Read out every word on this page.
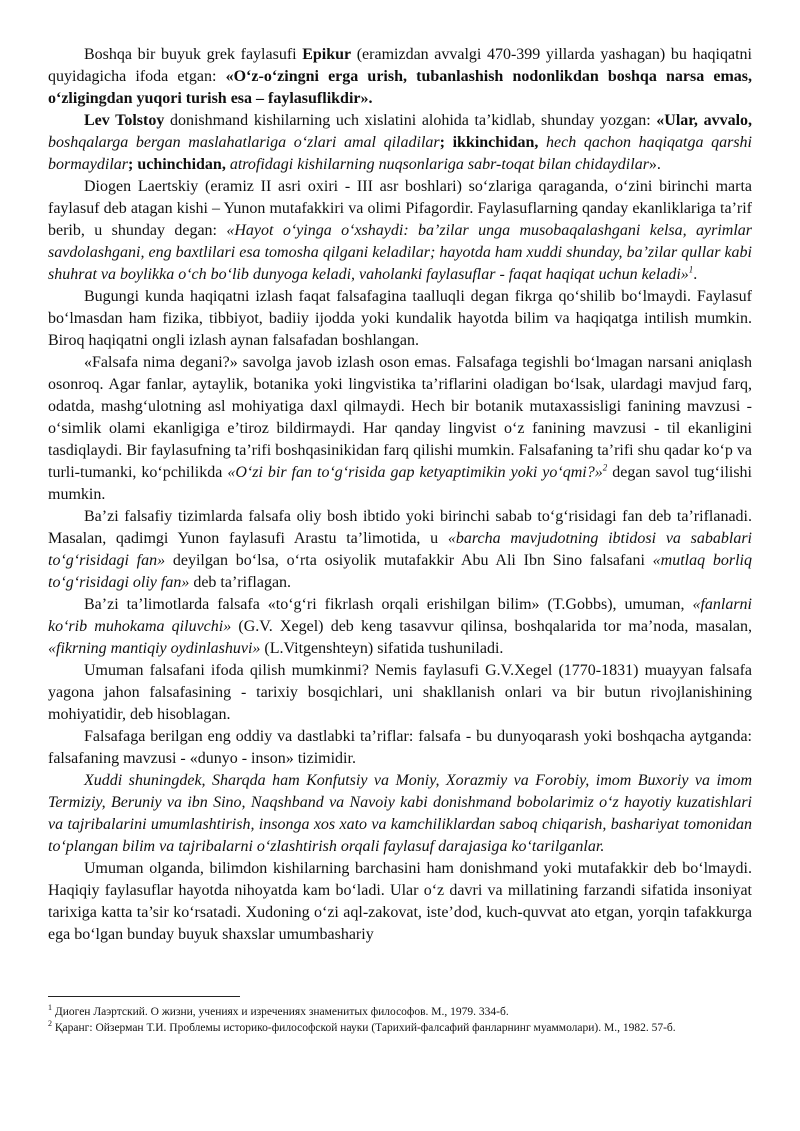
Boshqa bir buyuk grek faylasufi Epikur (eramizdan avvalgi 470-399 yillarda yashagan) bu haqiqatni quyidagicha ifoda etgan: «O‘z-o‘zingni erga urish, tubanlashish nodonlikdan boshqa narsa emas, o‘zligingdan yuqori turish esa – faylasuflikdir».

Lev Tolstoy donishmand kishilarning uch xislatini alohida ta’kidlab, shunday yozgan: «Ular, avvalo, boshqalarga bergan maslahatlariga o‘zlari amal qiladilar; ikkinchidan, hech qachon haqiqatga qarshi bormaydilar; uchinchidan, atrofidagi kishilarning nuqsonlariga sabr-toqat bilan chidaydilar».

Diogen Laertskiy (eramiz II asri oxiri - III asr boshlari) so‘zlariga qaraganda, o‘zini birinchi marta faylasuf deb atagan kishi – Yunon mutafakkiri va olimi Pifagordir. Faylasuflarning qanday ekanliklariga ta’rif berib, u shunday degan: «Hayot o‘yinga o‘xshaydi: ba’zilar unga musobaqalashgani kelsa, ayrimlar savdolashgani, eng baxtlilari esa tomosha qilgani keladilar; hayotda ham xuddi shunday, ba’zilar qullar kabi shuhrat va boylikka o‘ch bo‘lib dunyoga keladi, vaholanki faylasuflar - faqat haqiqat uchun keladi»$^1$.

Bugungi kunda haqiqatni izlash faqat falsafagina taalluqli degan fikrga qo‘shilib bo‘lmaydi. Faylasuf bo‘lmasdan ham fizika, tibbiyot, badiiy ijodda yoki kundalik hayotda bilim va haqiqatga intilish mumkin. Biroq haqiqatni ongli izlash aynan falsafadan boshlangan.

«Falsafa nima degani?» savolga javob izlash oson emas. Falsafaga tegishli bo‘lmagan narsani aniqlash osonroq. Agar fanlar, aytaylik, botanika yoki lingvistika ta’riflarini oladigan bo‘lsak, ulardagi mavjud farq, odatda, mashg‘ulotning asl mohiyatiga daxl qilmaydi. Hech bir botanik mutaxassisligi fanining mavzusi - o‘simlik olami ekanligiga e’tiroz bildirmaydi. Har qanday lingvist o‘z fanining mavzusi - til ekanligini tasdiqlaydi. Bir faylasufning ta’rifi boshqasinikidan farq qilishi mumkin. Falsafaning ta’rifi shu qadar ko‘p va turli-tumanki, ko‘pchilikda «O‘zi bir fan to‘g‘risida gap ketyaptimikin yoki yo‘qmi?»$^2$ degan savol tug‘ilishi mumkin.

Ba’zi falsafiy tizimlarda falsafa oliy bosh ibtido yoki birinchi sabab to‘g‘risidagi fan deb ta’riflanadi. Masalan, qadimgi Yunon faylasufi Arastu ta’limotida, u «barcha mavjudotning ibtidosi va sabablari to‘g‘risidagi fan» deyilgan bo‘lsa, o‘rta osiyolik mutafakkir Abu Ali Ibn Sino falsafani «mutlaq borliq to‘g‘risidagi oliy fan» deb ta’riflagan.

Ba’zi ta’limotlarda falsafa «to‘g‘ri fikrlash orqali erishilgan bilim» (T.Gobbs), umuman, «fanlarni ko‘rib muhokama qiluvchi» (G.V. Xegel) deb keng tasavvur qilinsa, boshqalarida tor ma’noda, masalan, «fikrning mantiqiy oydinlashuvi» (L.Vitgenshteyn) sifatida tushuniladi.

Umuman falsafani ifoda qilish mumkinmi? Nemis faylasufi G.V.Xegel (1770-1831) muayyan falsafa yagona jahon falsafasining - tarixiy bosqichlari, uni shakllanish onlari va bir butun rivojlanishining mohiyatidir, deb hisoblagan.

Falsafaga berilgan eng oddiy va dastlabki ta’riflar: falsafa - bu dunyoqarash yoki boshqacha aytganda: falsafaning mavzusi - «dunyo - inson» tizimidir.

Xuddi shuningdek, Sharqda ham Konfutsiy va Moniy, Xorazmiy va Forobiy, imom Buxoriy va imom Termiziy, Beruniy va ibn Sino, Naqshband va Navoiy kabi donishmand bobolarimiz o‘z hayotiy kuzatishlari va tajribalarini umumlashtirish, insonga xos xato va kamchiliklardan saboq chiqarish, bashariyat tomonidan to‘plangan bilim va tajribalarni o‘zlashtirish orqali faylasuf darajasiga ko‘tarilganlar.

Umuman olganda, bilimdon kishilarning barchasini ham donishmand yoki mutafakkir deb bo‘lmaydi. Haqiqiy faylasuflar hayotda nihoyatda kam bo‘ladi. Ular o‘z davri va millatining farzandi sifatida insoniyat tarixiga katta ta’sir ko‘rsatadi. Xudoning o‘zi aql-zakovat, iste’dod, kuch-quvvat ato etgan, yorqin tafakkurga ega bo‘lgan bunday buyuk shaxslar umumbashariy

$^1$ Диоген Лаэртский. О жизни, учениях и изречениях знаменитых философов. М., 1979. 334-б.

$^2$ Қаранг: Ойзерман Т.И. Проблемы историко-философской науки (Тарихий-фалсафий фанларнинг муаммолари). М., 1982. 57-б.
